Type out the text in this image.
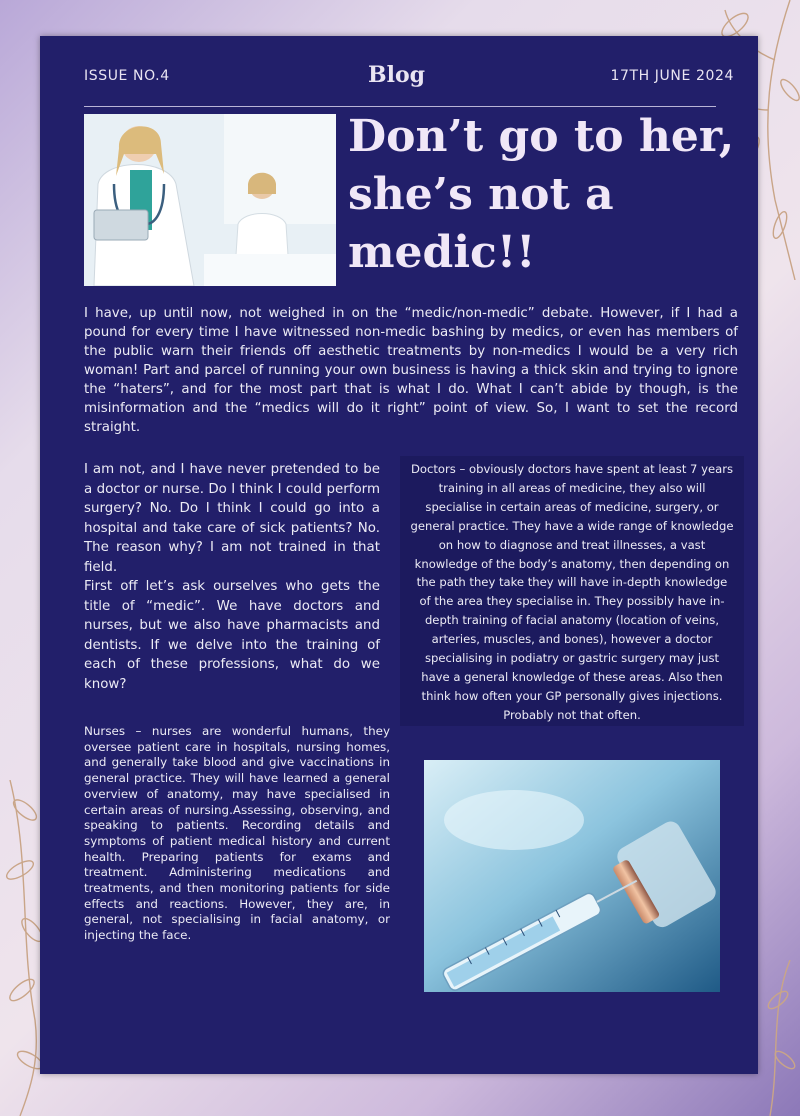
ISSUE NO.4	Blog	17TH JUNE 2024
Don’t go to her, she’s not a medic!!

I have, up until now, not weighed in on the “medic/non-medic” debate. However, if I had a pound for every time I have witnessed non-medic bashing by medics, or even has members of the public warn their friends off aesthetic treatments by non-medics I would be a very rich woman! Part and parcel of running your own business is having a thick skin and trying to ignore the “haters”, and for the most part that is what I do. What I can’t abide by though, is the misinformation and the “medics will do it right” point of view. So, I want to set the record straight.

I am not, and I have never pretended to be a doctor or nurse. Do I think I could perform surgery? No. Do I think I could go into a hospital and take care of sick patients? No. The reason why? I am not trained in that field.
First off let’s ask ourselves who gets the title of “medic”. We have doctors and nurses, but we also have pharmacists and dentists. If we delve into the training of each of these professions, what do we know?

Doctors – obviously doctors have spent at least 7 years training in all areas of medicine, they also will specialise in certain areas of medicine, surgery, or general practice. They have a wide range of knowledge on how to diagnose and treat illnesses, a vast knowledge of the body’s anatomy, then depending on the path they take they will have in-depth knowledge of the area they specialise in. They possibly have in-depth training of facial anatomy (location of veins, arteries, muscles, and bones), however a doctor specialising in podiatry or gastric surgery may just have a general knowledge of these areas. Also then think how often your GP personally gives injections. Probably not that often.

Nurses – nurses are wonderful humans, they oversee patient care in hospitals, nursing homes, and generally take blood and give vaccinations in general practice. They will have learned a general overview of anatomy, may have specialised in certain areas of nursing.Assessing, observing, and speaking to patients. Recording details and symptoms of patient medical history and current health. Preparing patients for exams and treatment. Administering medications and treatments, and then monitoring patients for side effects and reactions. However, they are, in general, not specialising in facial anatomy, or injecting the face.
